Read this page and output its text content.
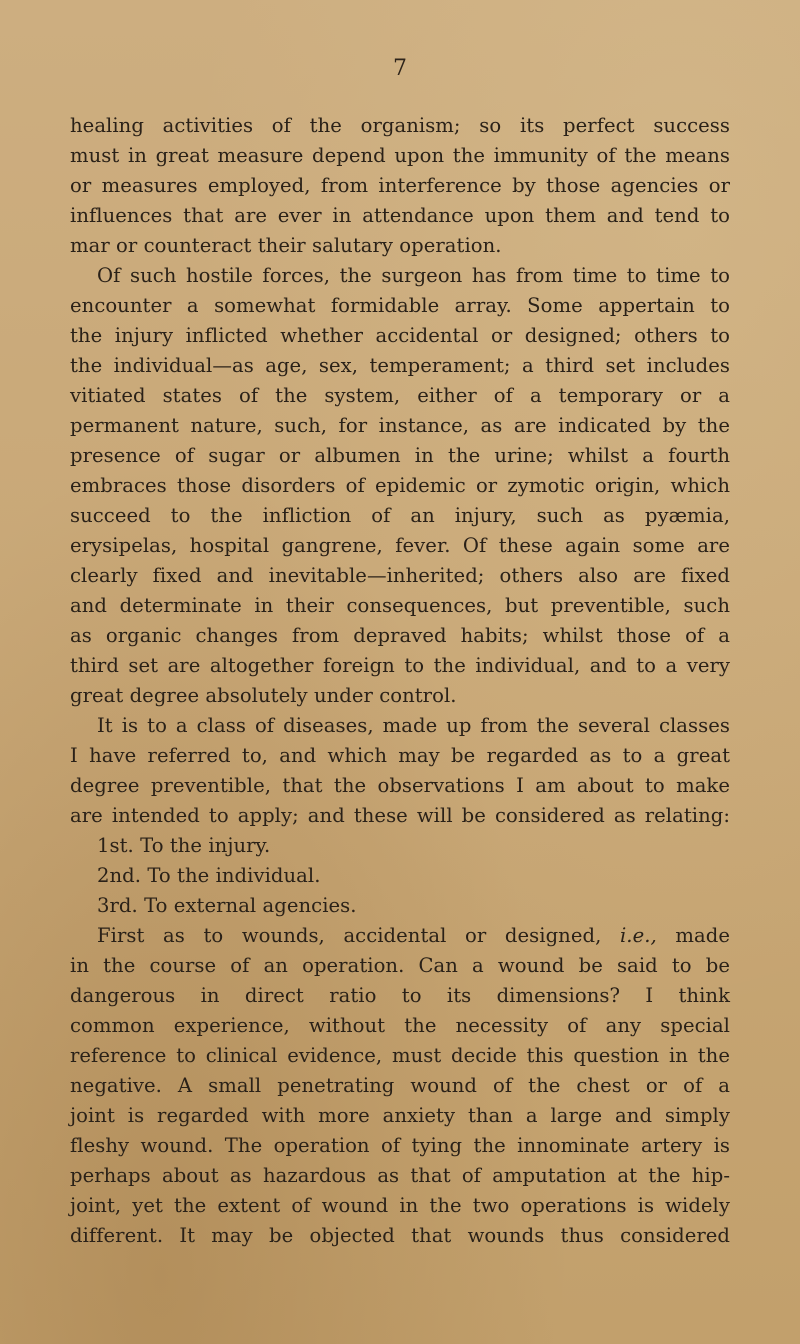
7
healing activities of the organism; so its perfect success
must in great measure depend upon the immunity of the means
or measures employed, from interference by those agencies or
influences that are ever in attendance upon them and tend to
mar or counteract their salutary operation.
Of such hostile forces, the surgeon has from time to time to
encounter a somewhat formidable array. Some appertain to
the injury inflicted whether accidental or designed; others to
the individual—as age, sex, temperament; a third set includes
vitiated states of the system, either of a temporary or a
permanent nature, such, for instance, as are indicated by the
presence of sugar or albumen in the urine; whilst a fourth
embraces those disorders of epidemic or zymotic origin, which
succeed to the infliction of an injury, such as pyæmia,
erysipelas, hospital gangrene, fever. Of these again some are
clearly fixed and inevitable—inherited; others also are fixed
and determinate in their consequences, but preventible, such
as organic changes from depraved habits; whilst those of a
third set are altogether foreign to the individual, and to a very
great degree absolutely under control.
It is to a class of diseases, made up from the several classes
I have referred to, and which may be regarded as to a great
degree preventible, that the observations I am about to make
are intended to apply; and these will be considered as relating:
1st. To the injury.
2nd. To the individual.
3rd. To external agencies.
First as to wounds, accidental or designed, i.e., made
in the course of an operation. Can a wound be said to be
dangerous in direct ratio to its dimensions? I think
common experience, without the necessity of any special
reference to clinical evidence, must decide this question in the
negative. A small penetrating wound of the chest or of a
joint is regarded with more anxiety than a large and simply
fleshy wound. The operation of tying the innominate artery is
perhaps about as hazardous as that of amputation at the hip-
joint, yet the extent of wound in the two operations is widely
different. It may be objected that wounds thus considered
